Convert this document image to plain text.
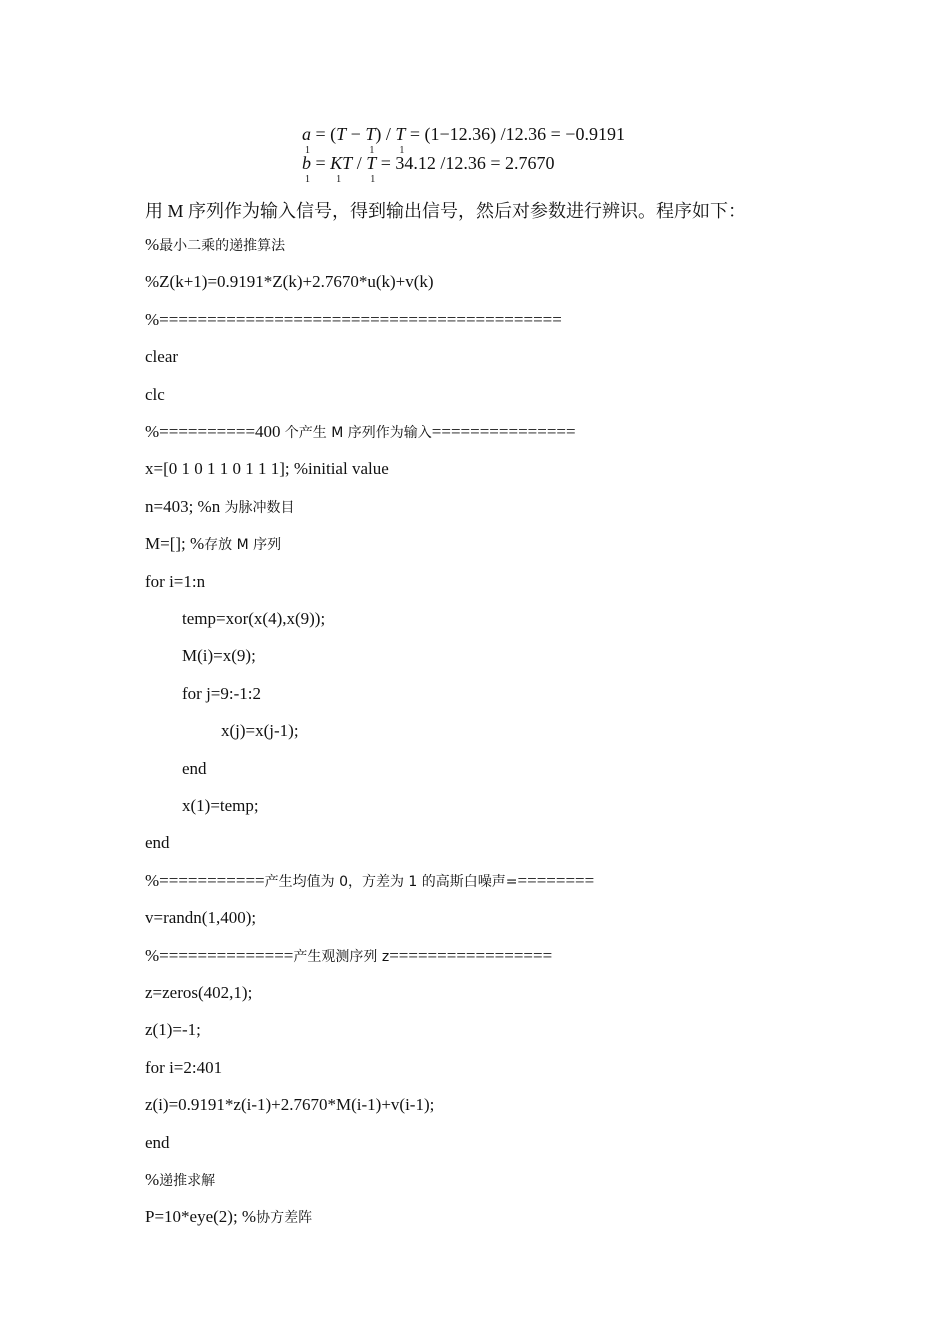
a1 = (T − T1) / T1 = (1−12.36) /12.36 = −0.9191
b1 = K1T / T1 = 34.12 /12.36 = 2.7670
用 M 序列作为输入信号，得到输出信号，然后对参数进行辨识。程序如下：
%最小二乘的递推算法
%Z(k+1)=0.9191*Z(k)+2.7670*u(k)+v(k)
%==========================================
clear
clc
%==========400 个产生 M 序列作为输入===============
x=[0 1 0 1 1 0 1 1 1]; %initial value
n=403; %n 为脉冲数目
M=[]; %存放 M 序列
for i=1:n
temp=xor(x(4),x(9));
M(i)=x(9);
for j=9:-1:2
x(j)=x(j-1);
end
x(1)=temp;
end
%===========产生均值为 0，方差为 1 的高斯白噪声=========
v=randn(1,400);
%==============产生观测序列 z=================
z=zeros(402,1);
z(1)=-1;
for i=2:401
z(i)=0.9191*z(i-1)+2.7670*M(i-1)+v(i-1);
end
%递推求解
P=10*eye(2); %协方差阵
